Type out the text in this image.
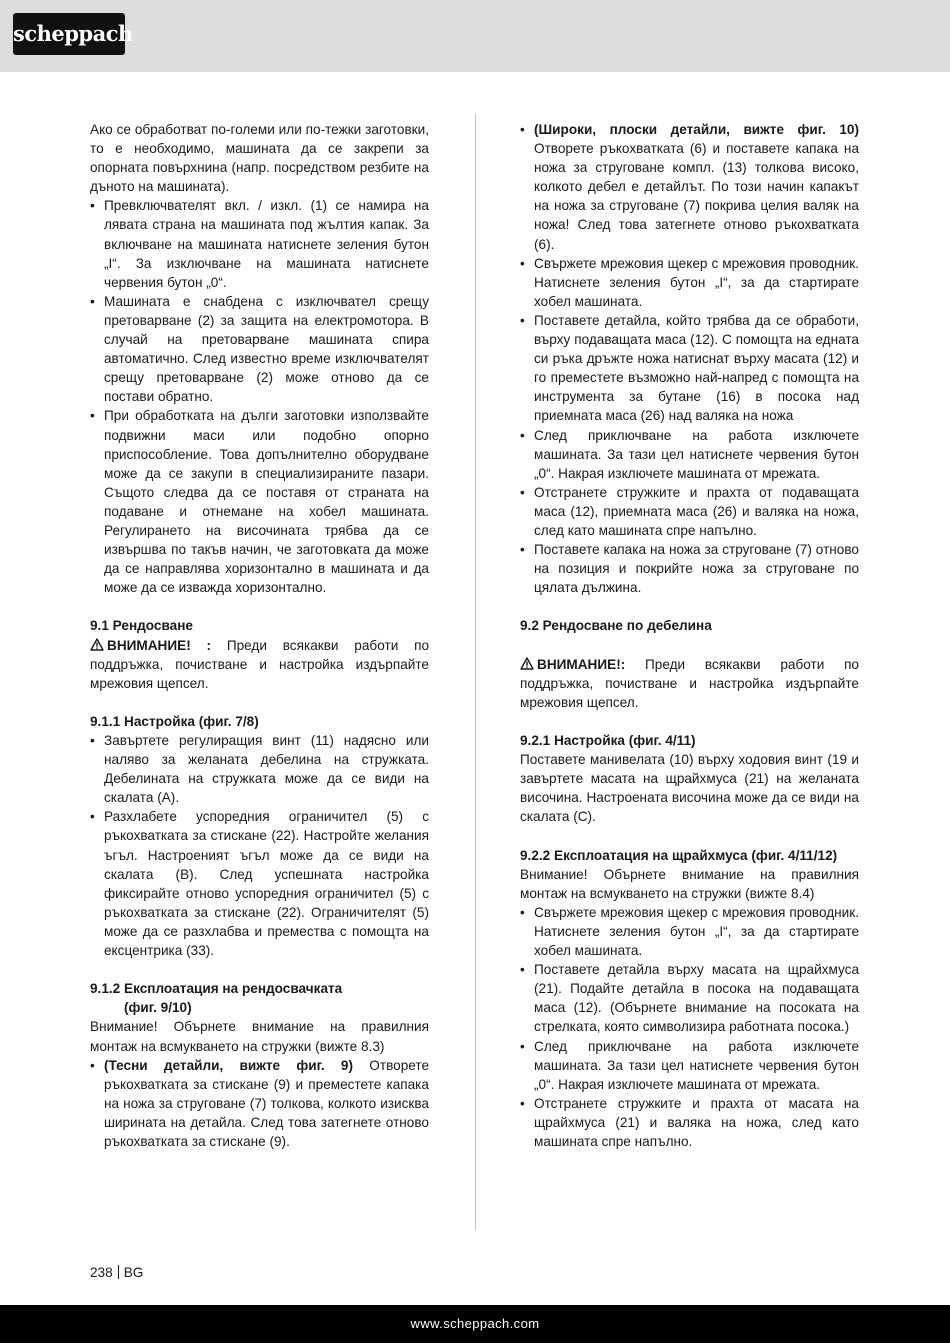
scheppach

Ако се обработват по-големи или по-тежки заготовки, то е необходимо, машината да се закрепи за опорната повърхнина (напр. посредством резбите на дъното на машината).

• Превключвателят вкл. / изкл. (1) се намира на лявата страна на машината под жълтия капак. За включване на машината натиснете зеления бутон „I“. За изключване на машината натиснете червения бутон „0“.
• Машината е снабдена с изключвател срещу претоварване (2) за защита на електромотора. В случай на претоварване машината спира автоматично. След известно време изключвателят срещу претоварване (2) може отново да се постави обратно.
• При обработката на дълги заготовки използвайте подвижни маси или подобно опорно приспособление. Това допълнително оборудване може да се закупи в специализираните пазари. Същото следва да се поставя от страната на подаване и отнемане на хобел машината. Регулирането на височината трябва да се извършва по такъв начин, че заготовката да може да се направлява хоризонтално в машината и да може да се изважда хоризонтално.

9.1 Рендосване

ВНИМАНИЕ! : Преди всякакви работи по поддръжка, почистване и настройка издърпайте мрежовия щепсел.

9.1.1 Настройка (фиг. 7/8)

• Завъртете регулиращия винт (11) надясно или наляво за желаната дебелина на стружката. Дебелината на стружката може да се види на скалата (A).
• Разхлабете успоредния ограничител (5) с ръкохватката за стискане (22). Настройте желания ъгъл. Настроеният ъгъл може да се види на скалата (B). След успешната настройка фиксирайте отново успоредния ограничител (5) с ръкохватката за стискане (22). Ограничителят (5) може да се разхлабва и премества с помощта на ексцентрика (33).

9.1.2 Експлоатация на рендосвачката
(фиг. 9/10)

Внимание! Обърнете внимание на правилния монтаж на всмукването на стружки (вижте 8.3)

• (Тесни детайли, вижте фиг. 9) Отворете ръкохватката за стискане (9) и преместете капака на ножа за струговане (7) толкова, колкото изисква ширината на детайла. След това затегнете отново ръкохватката за стискане (9).
• (Широки, плоски детайли, вижте фиг. 10) Отворете ръкохватката (6) и поставете капака на ножа за струговане компл. (13) толкова високо, колкото дебел е детайлът. По този начин капакът на ножа за струговане (7) покрива целия валяк на ножа! След това затегнете отново ръкохватката (6).
• Свържете мрежовия щекер с мрежовия проводник. Натиснете зеления бутон „I“, за да стартирате хобел машината.
• Поставете детайла, който трябва да се обработи, върху подаващата маса (12). С помощта на едната си ръка дръжте ножа натиснат върху масата (12) и го преместете възможно най-напред с помощта на инструмента за бутане (16) в посока над приемната маса (26) над валяка на ножа
• След приключване на работа изключете машината. За тази цел натиснете червения бутон „0“. Накрая изключете машината от мрежата.
• Отстранете стружките и прахта от подаващата маса (12), приемната маса (26) и валяка на ножа, след като машината спре напълно.
• Поставете капака на ножа за струговане (7) отново на позиция и покрийте ножа за струговане по цялата дължина.

9.2 Рендосване по дебелина

ВНИМАНИЕ!: Преди всякакви работи по поддръжка, почистване и настройка издърпайте мрежовия щепсел.

9.2.1 Настройка (фиг. 4/11)

Поставете манивелата (10) върху ходовия винт (19 и завъртете масата на щрайхмуса (21) на желаната височина. Настроената височина може да се види на скалата (C).

9.2.2 Експлоатация на щрайхмуса (фиг. 4/11/12)

Внимание! Обърнете внимание на правилния монтаж на всмукването на стружки (вижте 8.4)

• Свържете мрежовия щекер с мрежовия проводник. Натиснете зеления бутон „I“, за да стартирате хобел машината.
• Поставете детайла върху масата на щрайхмуса (21). Подайте детайла в посока на подаващата маса (12). (Обърнете внимание на посоката на стрелката, която символизира работната посока.)
• След приключване на работа изключете машината. За тази цел натиснете червения бутон „0“. Накрая изключете машината от мрежата.
• Отстранете стружките и прахта от масата на щрайхмуса (21) и валяка на ножа, след като машината спре напълно.
238 BG
www.scheppach.com
